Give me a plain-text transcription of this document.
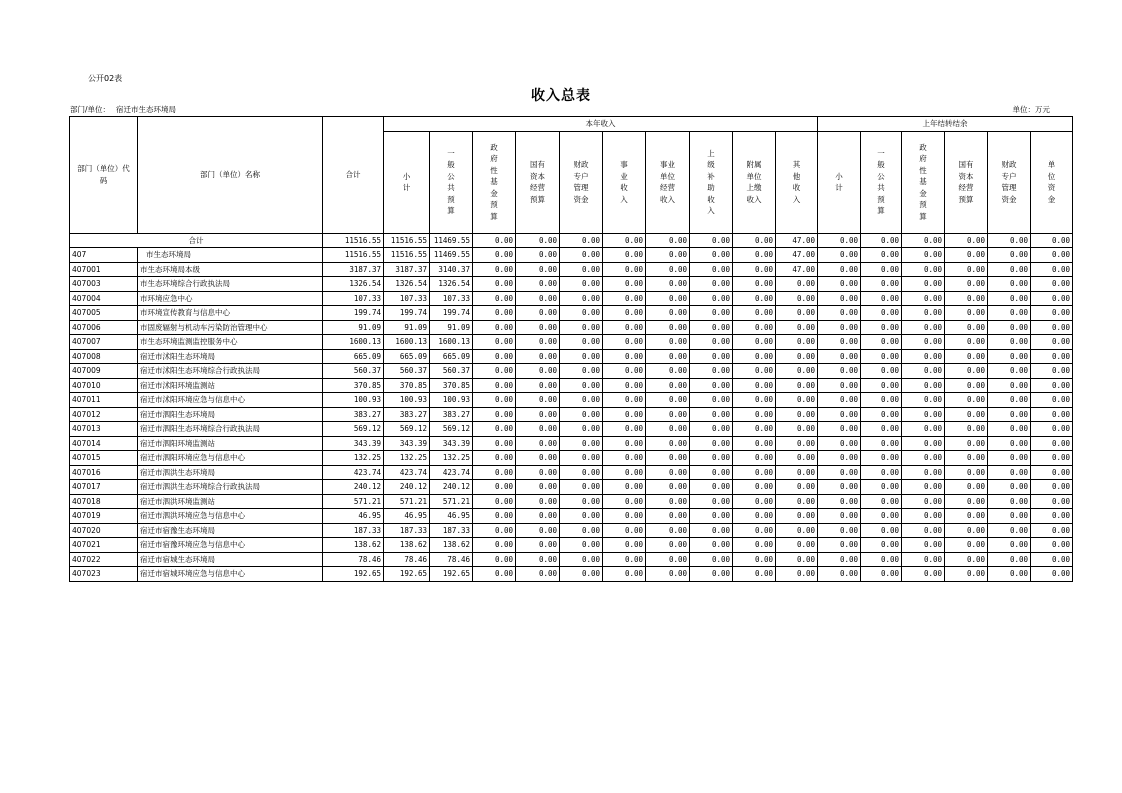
公开02表
收入总表
部门/单位： 宿迁市生态环境局	单位：万元
部门（单位）代码	部门（单位）名称	合计	本年收入										上年结转结余					
			小计	一般公共预算	政府性基金预算	国有资本经营预算	财政专户管理资金	事业收入	事业单位经营收入	上级补助收入	附属单位上缴收入	其他收入	小计	一般公共预算	政府性基金预算	国有资本经营预算	财政专户管理资金	单位资金
合计		11516.55	11516.55	11469.55	0.00	0.00	0.00	0.00	0.00	0.00	0.00	47.00	0.00	0.00	0.00	0.00	0.00	0.00
407	市生态环境局	11516.55	11516.55	11469.55	0.00	0.00	0.00	0.00	0.00	0.00	0.00	47.00	0.00	0.00	0.00	0.00	0.00	0.00
407001	市生态环境局本级	3187.37	3187.37	3140.37	0.00	0.00	0.00	0.00	0.00	0.00	0.00	47.00	0.00	0.00	0.00	0.00	0.00	0.00
407003	市生态环境综合行政执法局	1326.54	1326.54	1326.54	0.00	0.00	0.00	0.00	0.00	0.00	0.00	0.00	0.00	0.00	0.00	0.00	0.00	0.00
407004	市环境应急中心	107.33	107.33	107.33	0.00	0.00	0.00	0.00	0.00	0.00	0.00	0.00	0.00	0.00	0.00	0.00	0.00	0.00
407005	市环境宣传教育与信息中心	199.74	199.74	199.74	0.00	0.00	0.00	0.00	0.00	0.00	0.00	0.00	0.00	0.00	0.00	0.00	0.00	0.00
407006	市固废辐射与机动车污染防治管理中心	91.09	91.09	91.09	0.00	0.00	0.00	0.00	0.00	0.00	0.00	0.00	0.00	0.00	0.00	0.00	0.00	0.00
407007	市生态环境监测监控服务中心	1600.13	1600.13	1600.13	0.00	0.00	0.00	0.00	0.00	0.00	0.00	0.00	0.00	0.00	0.00	0.00	0.00	0.00
407008	宿迁市沭阳生态环境局	665.09	665.09	665.09	0.00	0.00	0.00	0.00	0.00	0.00	0.00	0.00	0.00	0.00	0.00	0.00	0.00	0.00
407009	宿迁市沭阳生态环境综合行政执法局	560.37	560.37	560.37	0.00	0.00	0.00	0.00	0.00	0.00	0.00	0.00	0.00	0.00	0.00	0.00	0.00	0.00
407010	宿迁市沭阳环境监测站	370.85	370.85	370.85	0.00	0.00	0.00	0.00	0.00	0.00	0.00	0.00	0.00	0.00	0.00	0.00	0.00	0.00
407011	宿迁市沭阳环境应急与信息中心	100.93	100.93	100.93	0.00	0.00	0.00	0.00	0.00	0.00	0.00	0.00	0.00	0.00	0.00	0.00	0.00	0.00
407012	宿迁市泗阳生态环境局	383.27	383.27	383.27	0.00	0.00	0.00	0.00	0.00	0.00	0.00	0.00	0.00	0.00	0.00	0.00	0.00	0.00
407013	宿迁市泗阳生态环境综合行政执法局	569.12	569.12	569.12	0.00	0.00	0.00	0.00	0.00	0.00	0.00	0.00	0.00	0.00	0.00	0.00	0.00	0.00
407014	宿迁市泗阳环境监测站	343.39	343.39	343.39	0.00	0.00	0.00	0.00	0.00	0.00	0.00	0.00	0.00	0.00	0.00	0.00	0.00	0.00
407015	宿迁市泗阳环境应急与信息中心	132.25	132.25	132.25	0.00	0.00	0.00	0.00	0.00	0.00	0.00	0.00	0.00	0.00	0.00	0.00	0.00	0.00
407016	宿迁市泗洪生态环境局	423.74	423.74	423.74	0.00	0.00	0.00	0.00	0.00	0.00	0.00	0.00	0.00	0.00	0.00	0.00	0.00	0.00
407017	宿迁市泗洪生态环境综合行政执法局	240.12	240.12	240.12	0.00	0.00	0.00	0.00	0.00	0.00	0.00	0.00	0.00	0.00	0.00	0.00	0.00	0.00
407018	宿迁市泗洪环境监测站	571.21	571.21	571.21	0.00	0.00	0.00	0.00	0.00	0.00	0.00	0.00	0.00	0.00	0.00	0.00	0.00	0.00
407019	宿迁市泗洪环境应急与信息中心	46.95	46.95	46.95	0.00	0.00	0.00	0.00	0.00	0.00	0.00	0.00	0.00	0.00	0.00	0.00	0.00	0.00
407020	宿迁市宿豫生态环境局	187.33	187.33	187.33	0.00	0.00	0.00	0.00	0.00	0.00	0.00	0.00	0.00	0.00	0.00	0.00	0.00	0.00
407021	宿迁市宿豫环境应急与信息中心	138.62	138.62	138.62	0.00	0.00	0.00	0.00	0.00	0.00	0.00	0.00	0.00	0.00	0.00	0.00	0.00	0.00
407022	宿迁市宿城生态环境局	78.46	78.46	78.46	0.00	0.00	0.00	0.00	0.00	0.00	0.00	0.00	0.00	0.00	0.00	0.00	0.00	0.00
407023	宿迁市宿城环境应急与信息中心	192.65	192.65	192.65	0.00	0.00	0.00	0.00	0.00	0.00	0.00	0.00	0.00	0.00	0.00	0.00	0.00	0.00
